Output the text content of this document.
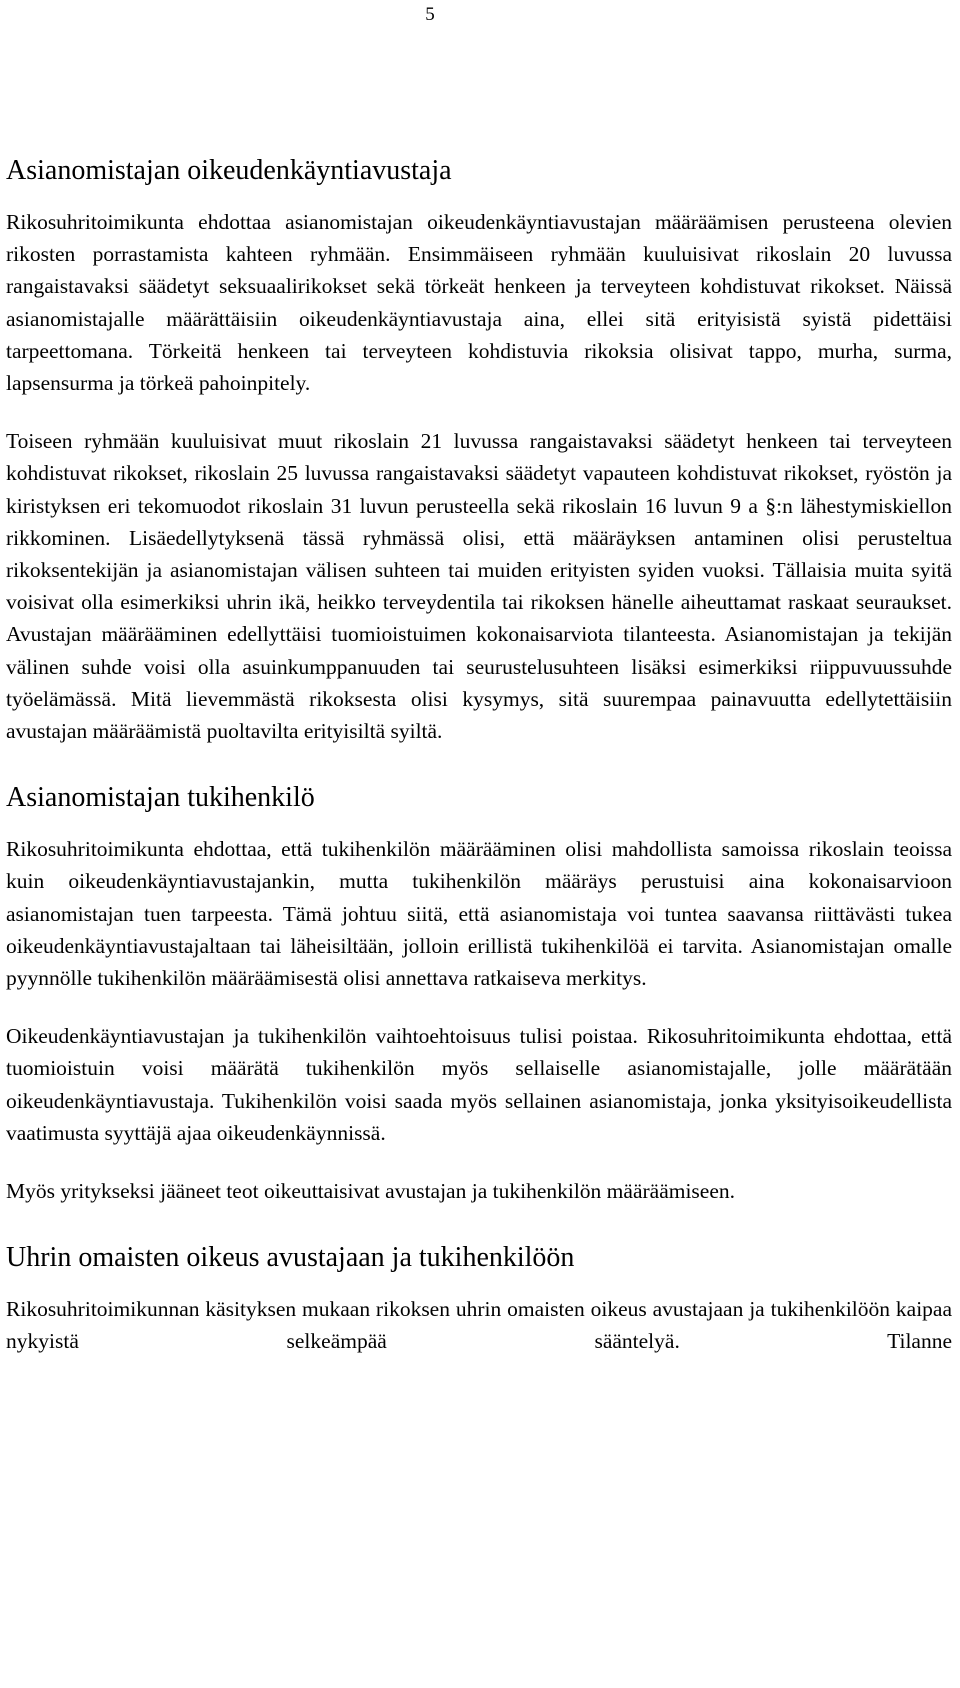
5
Asianomistajan oikeudenkäyntiavustaja

Rikosuhritoimikunta ehdottaa asianomistajan oikeudenkäyntiavustajan määräämisen perusteena olevien rikosten porrastamista kahteen ryhmään. Ensimmäiseen ryhmään kuuluisivat rikoslain 20 luvussa rangaistavaksi säädetyt seksuaalirikokset sekä törkeät henkeen ja terveyteen kohdistuvat rikokset. Näissä asianomistajalle määrättäisiin oikeudenkäyntiavustaja aina, ellei sitä erityisistä syistä pidettäisi tarpeettomana. Törkeitä henkeen tai terveyteen kohdistuvia rikoksia olisivat tappo, murha, surma, lapsensurma ja törkeä pahoinpitely.

Toiseen ryhmään kuuluisivat muut rikoslain 21 luvussa rangaistavaksi säädetyt henkeen tai terveyteen kohdistuvat rikokset, rikoslain 25 luvussa rangaistavaksi säädetyt vapauteen kohdistuvat rikokset, ryöstön ja kiristyksen eri tekomuodot rikoslain 31 luvun perusteella sekä rikoslain 16 luvun 9 a §:n lähestymiskiellon rikkominen. Lisäedellytyksenä tässä ryhmässä olisi, että määräyksen antaminen olisi perusteltua rikoksentekijän ja asianomistajan välisen suhteen tai muiden erityisten syiden vuoksi. Tällaisia muita syitä voisivat olla esimerkiksi uhrin ikä, heikko terveydentila tai rikoksen hänelle aiheuttamat raskaat seuraukset. Avustajan määrääminen edellyttäisi tuomioistuimen kokonaisarviota tilanteesta. Asianomistajan ja tekijän välinen suhde voisi olla asuinkumppanuuden tai seurustelusuhteen lisäksi esimerkiksi riippuvuussuhde työelämässä. Mitä lievemmästä rikoksesta olisi kysymys, sitä suurempaa painavuutta edellytettäisiin avustajan määräämistä puoltavilta erityisiltä syiltä.

Asianomistajan tukihenkilö

Rikosuhritoimikunta ehdottaa, että tukihenkilön määrääminen olisi mahdollista samoissa rikoslain teoissa kuin oikeudenkäyntiavustajankin, mutta tukihenkilön määräys perustuisi aina kokonaisarvioon asianomistajan tuen tarpeesta. Tämä johtuu siitä, että asianomistaja voi tuntea saavansa riittävästi tukea oikeudenkäyntiavustajaltaan tai läheisiltään, jolloin erillistä tukihenkilöä ei tarvita. Asianomistajan omalle pyynnölle tukihenkilön määräämisestä olisi annettava ratkaiseva merkitys.

Oikeudenkäyntiavustajan ja tukihenkilön vaihtoehtoisuus tulisi poistaa. Rikosuhritoimikunta ehdottaa, että tuomioistuin voisi määrätä tukihenkilön myös sellaiselle asianomistajalle, jolle määrätään oikeudenkäyntiavustaja. Tukihenkilön voisi saada myös sellainen asianomistaja, jonka yksityisoikeudellista vaatimusta syyttäjä ajaa oikeudenkäynnissä.

Myös yritykseksi jääneet teot oikeuttaisivat avustajan ja tukihenkilön määräämiseen.

Uhrin omaisten oikeus avustajaan ja tukihenkilöön

Rikosuhritoimikunnan käsityksen mukaan rikoksen uhrin omaisten oikeus avustajaan ja tukihenkilöön kaipaa nykyistä selkeämpää sääntelyä. Tilanne
